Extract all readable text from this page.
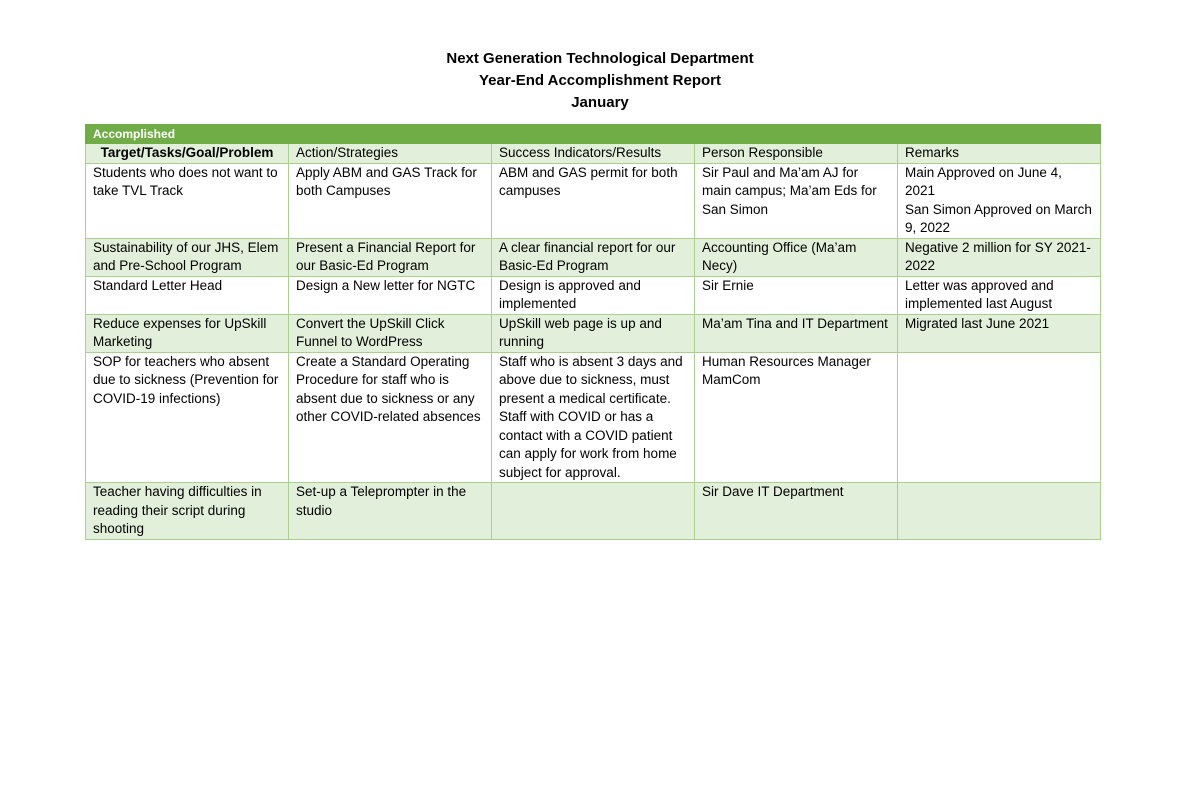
Next Generation Technological Department
Year-End Accomplishment Report
January
Accomplished				
Target/Tasks/Goal/Problem	Action/Strategies	Success Indicators/Results	Person Responsible	Remarks
Students who does not want to take TVL Track	Apply ABM and GAS Track for both Campuses	ABM and GAS permit for both campuses	Sir Paul and Ma’am AJ for main campus; Ma’am Eds for San Simon	Main Approved on June 4, 2021
San Simon Approved on March 9, 2022

Sustainability of our JHS, Elem and Pre-School Program	Present a Financial Report for our Basic-Ed Program	A clear financial report for our Basic-Ed Program	Accounting Office (Ma’am Necy)	Negative 2 million for SY 2021-2022

Standard Letter Head	Design a New letter for NGTC	Design is approved and implemented	Sir Ernie	Letter was approved and implemented last August

Reduce expenses for UpSkill Marketing	Convert the UpSkill Click Funnel to WordPress	UpSkill web page is up and running	Ma’am Tina and IT Department	Migrated last June 2021

SOP for teachers who absent due to sickness (Prevention for COVID-19 infections)	Create a Standard Operating Procedure for staff who is absent due to sickness or any other COVID-related absences	Staff who is absent 3 days and above due to sickness, must present a medical certificate. Staff with COVID or has a contact with a COVID patient can apply for work from home subject for approval.	Human Resources Manager MamCom	
Teacher having difficulties in reading their script during shooting	Set-up a Teleprompter in the studio		Sir Dave IT Department	
